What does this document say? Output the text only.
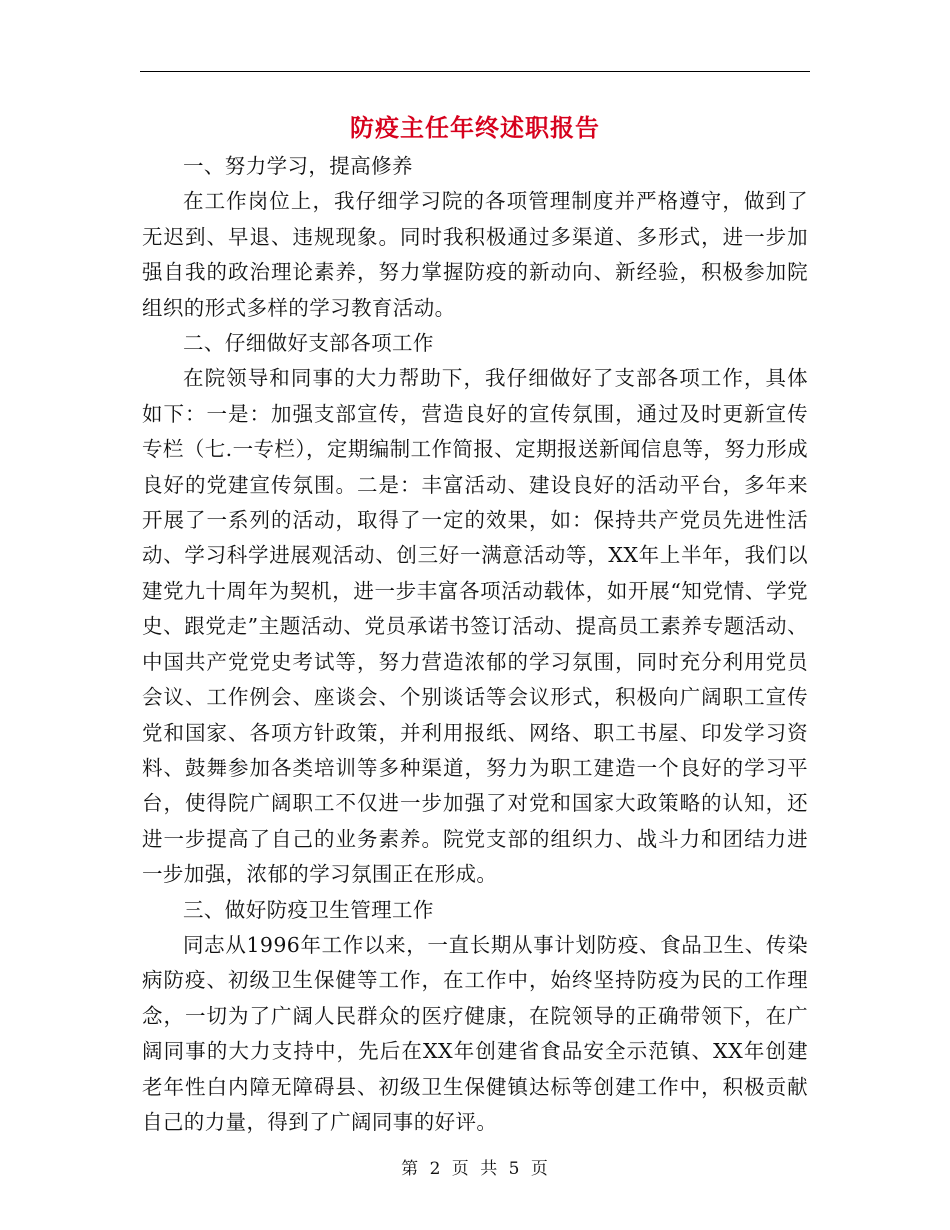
防疫主任年终述职报告

一、努力学习，提高修养

在工作岗位上，我仔细学习院的各项管理制度并严格遵守，做到了无迟到、早退、违规现象。同时我积极通过多渠道、多形式，进一步加强自我的政治理论素养，努力掌握防疫的新动向、新经验，积极参加院组织的形式多样的学习教育活动。

二、仔细做好支部各项工作

在院领导和同事的大力帮助下，我仔细做好了支部各项工作，具体如下：一是：加强支部宣传，营造良好的宣传氛围，通过及时更新宣传专栏（七.一专栏），定期编制工作简报、定期报送新闻信息等，努力形成良好的党建宣传氛围。二是：丰富活动、建设良好的活动平台，多年来开展了一系列的活动，取得了一定的效果，如：保持共产党员先进性活动、学习科学进展观活动、创三好一满意活动等，XX年上半年，我们以建党九十周年为契机，进一步丰富各项活动载体，如开展“知党情、学党史、跟党走”主题活动、党员承诺书签订活动、提高员工素养专题活动、中国共产党党史考试等，努力营造浓郁的学习氛围，同时充分利用党员会议、工作例会、座谈会、个别谈话等会议形式，积极向广阔职工宣传党和国家、各项方针政策，并利用报纸、网络、职工书屋、印发学习资料、鼓舞参加各类培训等多种渠道，努力为职工建造一个良好的学习平台，使得院广阔职工不仅进一步加强了对党和国家大政策略的认知，还进一步提高了自己的业务素养。院党支部的组织力、战斗力和团结力进一步加强，浓郁的学习氛围正在形成。

三、做好防疫卫生管理工作

同志从1996年工作以来，一直长期从事计划防疫、食品卫生、传染病防疫、初级卫生保健等工作，在工作中，始终坚持防疫为民的工作理念，一切为了广阔人民群众的医疗健康，在院领导的正确带领下，在广阔同事的大力支持中，先后在XX年创建省食品安全示范镇、XX年创建老年性白内障无障碍县、初级卫生保健镇达标等创建工作中，积极贡献自己的力量，得到了广阔同事的好评。

第 2 页 共 5 页
